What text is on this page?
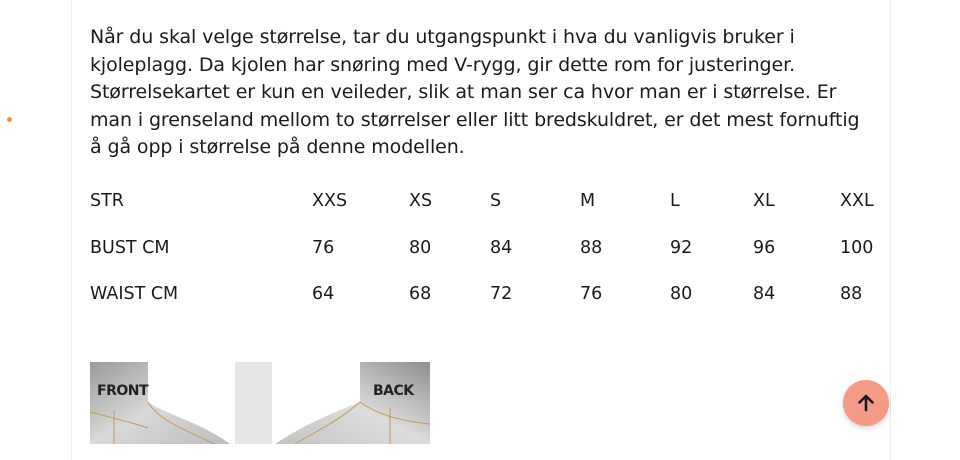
Når du skal velge størrelse, tar du utgangspunkt i hva du vanligvis bruker i kjoleplagg. Da kjolen har snøring med V-rygg, gir dette rom for justeringer. Størrelsekartet er kun en veileder, slik at man ser ca hvor man er i størrelse. Er man i grenseland mellom to størrelser eller litt bredskuldret, er det mest fornuftig å gå opp i størrelse på denne modellen.

STR	XXS	XS	S	M	L	XL	XXL
BUST CM	76	80	84	88	92	96	100
WAIST CM	64	68	72	76	80	84	88
FRONT	BACK
